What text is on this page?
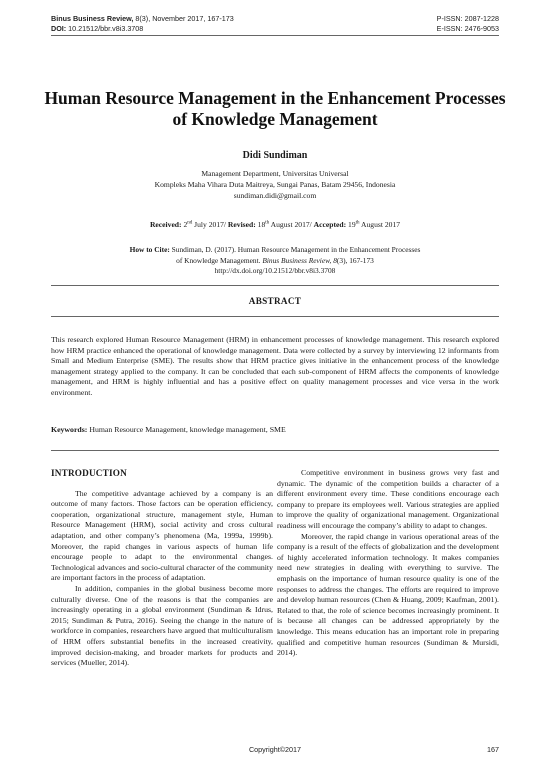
Binus Business Review, 8(3), November 2017, 167-173	P-ISSN: 2087-1228
DOI: 10.21512/bbr.v8i3.3708	E-ISSN: 2476-9053
Human Resource Management in the Enhancement Processes of Knowledge Management
Didi Sundiman
Management Department, Universitas Universal
Kompleks Maha Vihara Duta Maitreya, Sungai Panas, Batam 29456, Indonesia
sundiman.didi@gmail.com
Received: 2nd July 2017/ Revised: 18th August 2017/ Accepted: 19th August 2017
How to Cite: Sundiman, D. (2017). Human Resource Management in the Enhancement Processes
of Knowledge Management. Binus Business Review, 8(3), 167-173
http://dx.doi.org/10.21512/bbr.v8i3.3708
ABSTRACT
This research explored Human Resource Management (HRM) in enhancement processes of knowledge management. This research explored how HRM practice enhanced the operational of knowledge management. Data were collected by a survey by interviewing 12 informants from Small and Medium Enterprise (SME). The results show that HRM practice gives initiative in the enhancement process of the knowledge management strategy applied to the company. It can be concluded that each sub-component of HRM affects the components of knowledge management, and HRM is highly influential and has a positive effect on quality management processes and vice versa in the work environment.
Keywords: Human Resource Management, knowledge management, SME
INTRODUCTION
The competitive advantage achieved by a company is an outcome of many factors. Those factors can be operation efficiency, cooperation, organizational structure, management style, Human Resource Management (HRM), social activity and cross cultural adaptation, and other company’s phenomena (Ma, 1999a, 1999b). Moreover, the rapid changes in various aspects of human life encourage people to adapt to the environmental changes. Technological advances and socio-cultural character of the community are important factors in the process of adaptation.
In addition, companies in the global business become more culturally diverse. One of the reasons is that the companies are increasingly operating in a global environment (Sundiman & Idrus, 2015; Sundiman & Putra, 2016). Seeing the change in the nature of workforce in companies, researchers have argued that multiculturalism of HRM offers substantial benefits in the increased creativity, improved decision-making, and broader markets for products and services (Mueller, 2014).
Competitive environment in business grows very fast and dynamic. The dynamic of the competition builds a character of a different environment every time. These conditions encourage each company to prepare its employees well. Various strategies are applied to improve the quality of organizational management. Organizational readiness will encourage the company’s ability to adapt to changes.
Moreover, the rapid change in various operational areas of the company is a result of the effects of globalization and the development of highly accelerated information technology. It makes companies need new strategies in dealing with everything to survive. The emphasis on the importance of human resource quality is one of the responses to address the changes. The efforts are required to improve and develop human resources (Chen & Huang, 2009; Kaufman, 2001). Related to that, the role of science becomes increasingly prominent. It is because all changes can be addressed appropriately by the knowledge. This means education has an important role in preparing qualified and competitive human resources (Sundiman & Mursidi, 2014).
Copyright©2017	167
